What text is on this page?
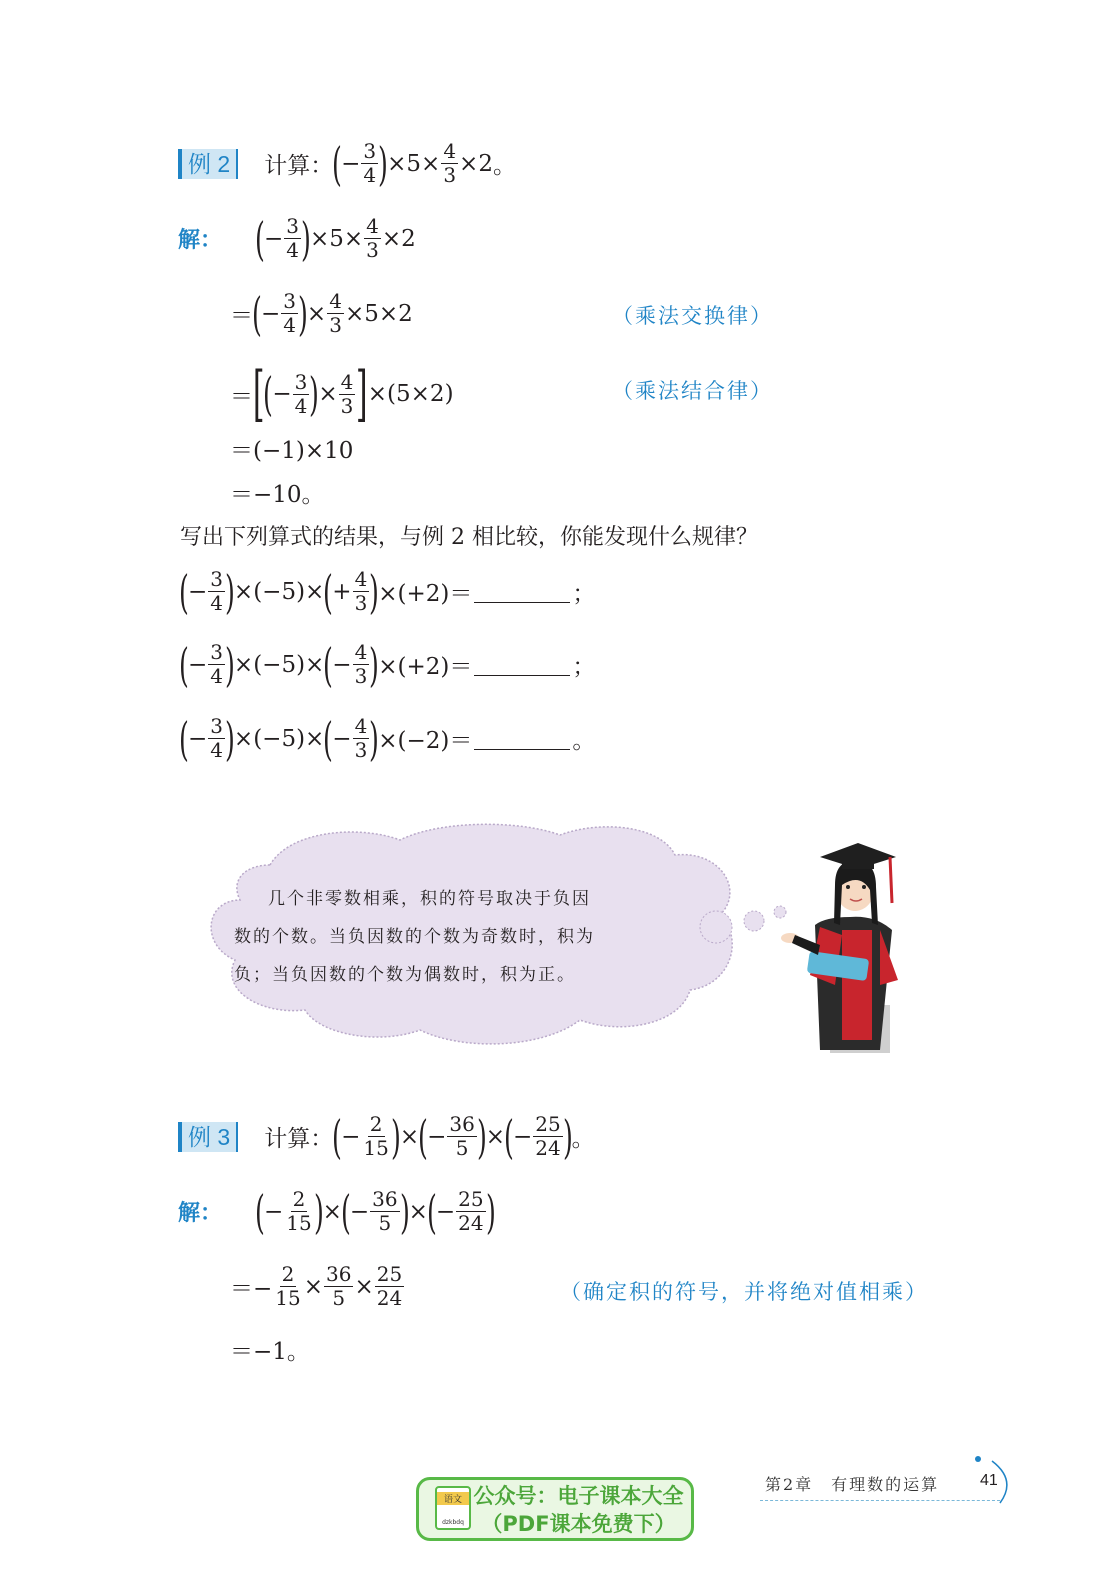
例 2	计算： ( − $\frac{3}{4}$ ) × $5 \times \frac{4}{3} \times 2$ 。
解： ( − $\frac{3}{4}$ ) × $5 \times \frac{4}{3} \times 2$
＝ ( − $\frac{3}{4}$ ) × $\frac{4}{3} \times 5 \times 2$	（乘法交换律）
＝ [
( − $\frac{3}{4}$ ) × $\frac{4}{3}$ ] ×(5×2)	（乘法结合律）
＝(−1)×10
＝−10。
写出下列算式的结果，与例 2 相比较，你能发现什么规律？
( − $\frac{3}{4}$ ) ×(−5)× ( + $\frac{4}{3}$ ) ×(+2)＝	；
( − $\frac{3}{4}$ ) ×(−5)× ( − $\frac{4}{3}$ ) ×(+2)＝	；
( − $\frac{3}{4}$ ) ×(−5)× ( − $\frac{4}{3}$ ) ×(−2)＝	。
几个非零数相乘，积的符号取决于负因
数的个数。当负因数的个数为奇数时，积为
负；当负因数的个数为偶数时，积为正。
例 3	计算： ( − $\frac{2}{15}$ ) × ( − $\frac{36}{5}$ ) × ( − $\frac{25}{24}$ ) 。
解： ( − $\frac{2}{15}$ ) × ( − $\frac{36}{5}$ ) × ( − $\frac{25}{24}$ )
＝− $\frac{2}{15} \times \frac{36}{5} \times \frac{25}{24}$	（确定积的符号，并将绝对值相乘）
＝−1。
第2章　有理数的运算	41
语文
dzkbdq
公众号：电子课本大全
（PDF课本免费下）
